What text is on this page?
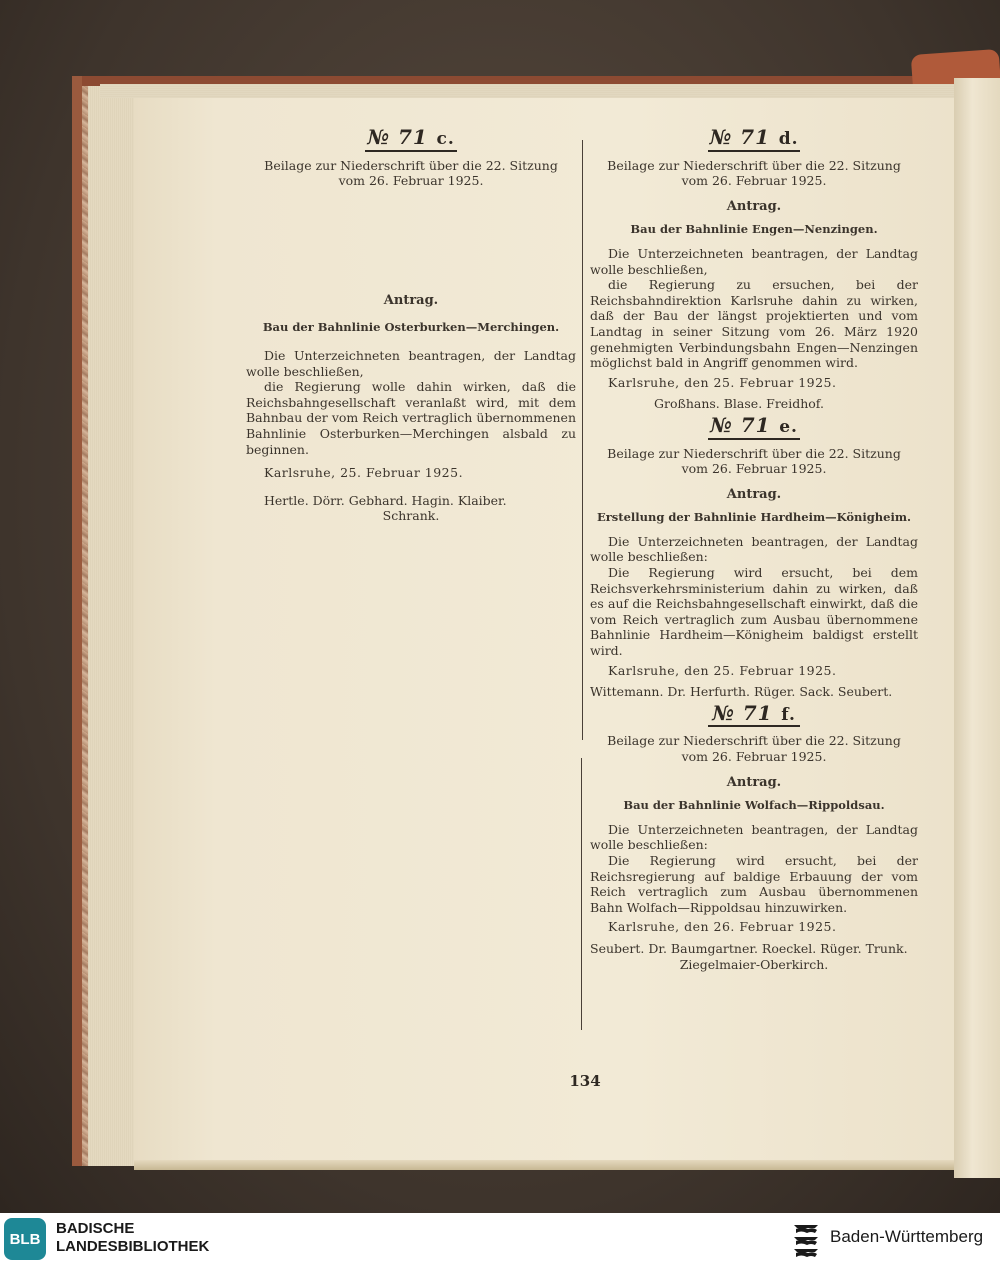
№ 71 c.
Beilage zur Niederschrift über die 22. Sitzung
vom 26. Februar 1925.
Antrag.
Bau der Bahnlinie Osterburken—Merchingen.
Die Unterzeichneten beantragen, der Landtag wolle beschließen,
die Regierung wolle dahin wirken, daß die Reichsbahngesellschaft veranlaßt wird, mit dem Bahnbau der vom Reich vertraglich übernommenen Bahnlinie Osterburken—Merchingen alsbald zu beginnen.
Karlsruhe, 25. Februar 1925.
Hertle. Dörr. Gebhard. Hagin. Klaiber.
Schrank.
№ 71 d.
Beilage zur Niederschrift über die 22. Sitzung
vom 26. Februar 1925.
Antrag.
Bau der Bahnlinie Engen—Nenzingen.
Die Unterzeichneten beantragen, der Landtag wolle beschließen,
die Regierung zu ersuchen, bei der Reichsbahndirektion Karlsruhe dahin zu wirken, daß der Bau der längst projektierten und vom Landtag in seiner Sitzung vom 26. März 1920 genehmigten Verbindungsbahn Engen—Nenzingen möglichst bald in Angriff genommen wird.
Karlsruhe, den 25. Februar 1925.
Großhans. Blase. Freidhof.
№ 71 e.
Beilage zur Niederschrift über die 22. Sitzung
vom 26. Februar 1925.
Antrag.
Erstellung der Bahnlinie Hardheim—Königheim.
Die Unterzeichneten beantragen, der Landtag wolle beschließen:
Die Regierung wird ersucht, bei dem Reichsverkehrsministerium dahin zu wirken, daß es auf die Reichsbahngesellschaft einwirkt, daß die vom Reich vertraglich zum Ausbau übernommene Bahnlinie Hardheim—Königheim baldigst erstellt wird.
Karlsruhe, den 25. Februar 1925.
Wittemann. Dr. Herfurth. Rüger. Sack. Seubert.
№ 71 f.
Beilage zur Niederschrift über die 22. Sitzung
vom 26. Februar 1925.
Antrag.
Bau der Bahnlinie Wolfach—Rippoldsau.
Die Unterzeichneten beantragen, der Landtag wolle beschließen:
Die Regierung wird ersucht, bei der Reichsregierung auf baldige Erbauung der vom Reich vertraglich zum Ausbau übernommenen Bahn Wolfach—Rippoldsau hinzuwirken.
Karlsruhe, den 26. Februar 1925.
Seubert. Dr. Baumgartner. Roeckel. Rüger. Trunk.
Ziegelmaier-Oberkirch.
134
BLB
BADISCHE
LANDESBIBLIOTHEK
Baden-Württemberg
